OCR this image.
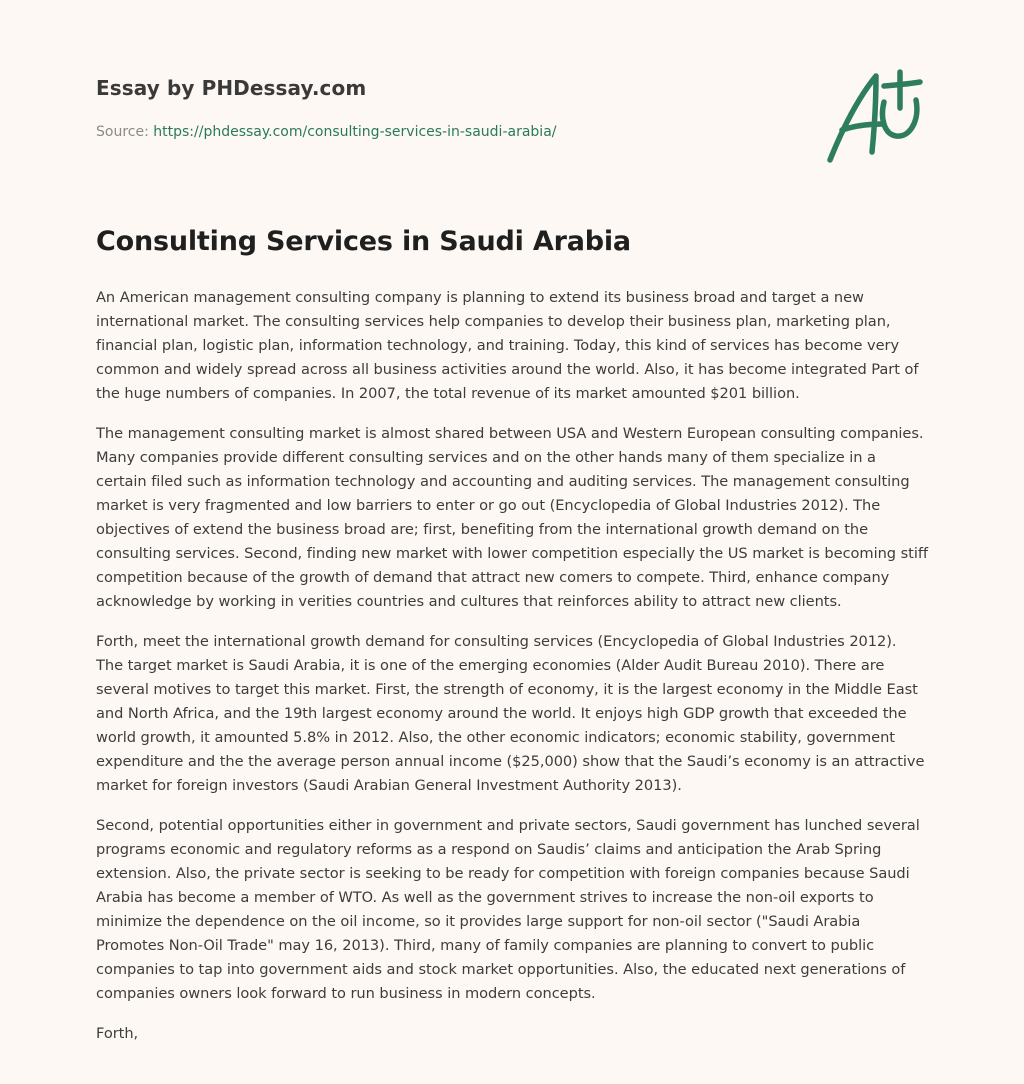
Essay by PHDessay.com
Source: https://phdessay.com/consulting-services-in-saudi-arabia/
Consulting Services in Saudi Arabia

An American management consulting company is planning to extend its business broad and target a new international market. The consulting services help companies to develop their business plan, marketing plan, financial plan, logistic plan, information technology, and training. Today, this kind of services has become very common and widely spread across all business activities around the world. Also, it has become integrated Part of the huge numbers of companies. In 2007, the total revenue of its market amounted $201 billion.

The management consulting market is almost shared between USA and Western European consulting companies. Many companies provide different consulting services and on the other hands many of them specialize in a certain filed such as information technology and accounting and auditing services. The management consulting market is very fragmented and low barriers to enter or go out (Encyclopedia of Global Industries 2012). The objectives of extend the business broad are; first, benefiting from the international growth demand on the consulting services. Second, finding new market with lower competition especially the US market is becoming stiff competition because of the growth of demand that attract new comers to compete. Third, enhance company acknowledge by working in verities countries and cultures that reinforces ability to attract new clients.

Forth, meet the international growth demand for consulting services (Encyclopedia of Global Industries 2012). The target market is Saudi Arabia, it is one of the emerging economies (Alder Audit Bureau 2010). There are several motives to target this market. First, the strength of economy, it is the largest economy in the Middle East and North Africa, and the 19th largest economy around the world. It enjoys high GDP growth that exceeded the world growth, it amounted 5.8% in 2012. Also, the other economic indicators; economic stability, government expenditure and the the average person annual income ($25,000) show that the Saudi’s economy is an attractive market for foreign investors (Saudi Arabian General Investment Authority 2013).

Second, potential opportunities either in government and private sectors, Saudi government has lunched several programs economic and regulatory reforms as a respond on Saudis’ claims and anticipation the Arab Spring extension. Also, the private sector is seeking to be ready for competition with foreign companies because Saudi Arabia has become a member of WTO. As well as the government strives to increase the non-oil exports to minimize the dependence on the oil income, so it provides large support for non-oil sector ("Saudi Arabia Promotes Non-Oil Trade" may 16, 2013). Third, many of family companies are planning to convert to public companies to tap into government aids and stock market opportunities. Also, the educated next generations of companies owners look forward to run business in modern concepts.

Forth,
